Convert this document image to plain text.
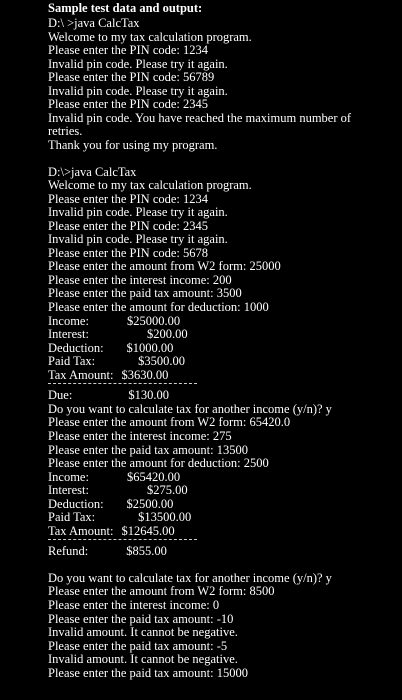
Sample test data and output:
D:\ >java CalcTax
Welcome to my tax calculation program.
Please enter the PIN code: 1234
Invalid pin code. Please try it again.
Please enter the PIN code: 56789
Invalid pin code. Please try it again.
Please enter the PIN code: 2345
Invalid pin code. You have reached the maximum number of
retries.
Thank you for using my program.
D:\>java CalcTax
Welcome to my tax calculation program.
Please enter the PIN code: 1234
Invalid pin code. Please try it again.
Please enter the PIN code: 2345
Invalid pin code. Please try it again.
Please enter the PIN code: 5678
Please enter the amount from W2 form: 25000
Please enter the interest income: 200
Please enter the paid tax amount: 3500
Please enter the amount for deduction: 1000
Income:	$25000.00
Interest:	$200.00
Deduction: $1000.00
Paid Tax:	$3500.00
Tax Amount: $3630.00
Due:	$130.00
Do you want to calculate tax for another income (y/n)? y
Please enter the amount from W2 form: 65420.0
Please enter the interest income: 275
Please enter the paid tax amount: 13500
Please enter the amount for deduction: 2500
Income:	$65420.00
Interest:	$275.00
Deduction: $2500.00
Paid Tax:	$13500.00
Tax Amount: $12645.00
Refund:	$855.00
Do you want to calculate tax for another income (y/n)? y
Please enter the amount from W2 form: 8500
Please enter the interest income: 0
Please enter the paid tax amount: -10
Invalid amount. It cannot be negative.
Please enter the paid tax amount: -5
Invalid amount. It cannot be negative.
Please enter the paid tax amount: 15000
